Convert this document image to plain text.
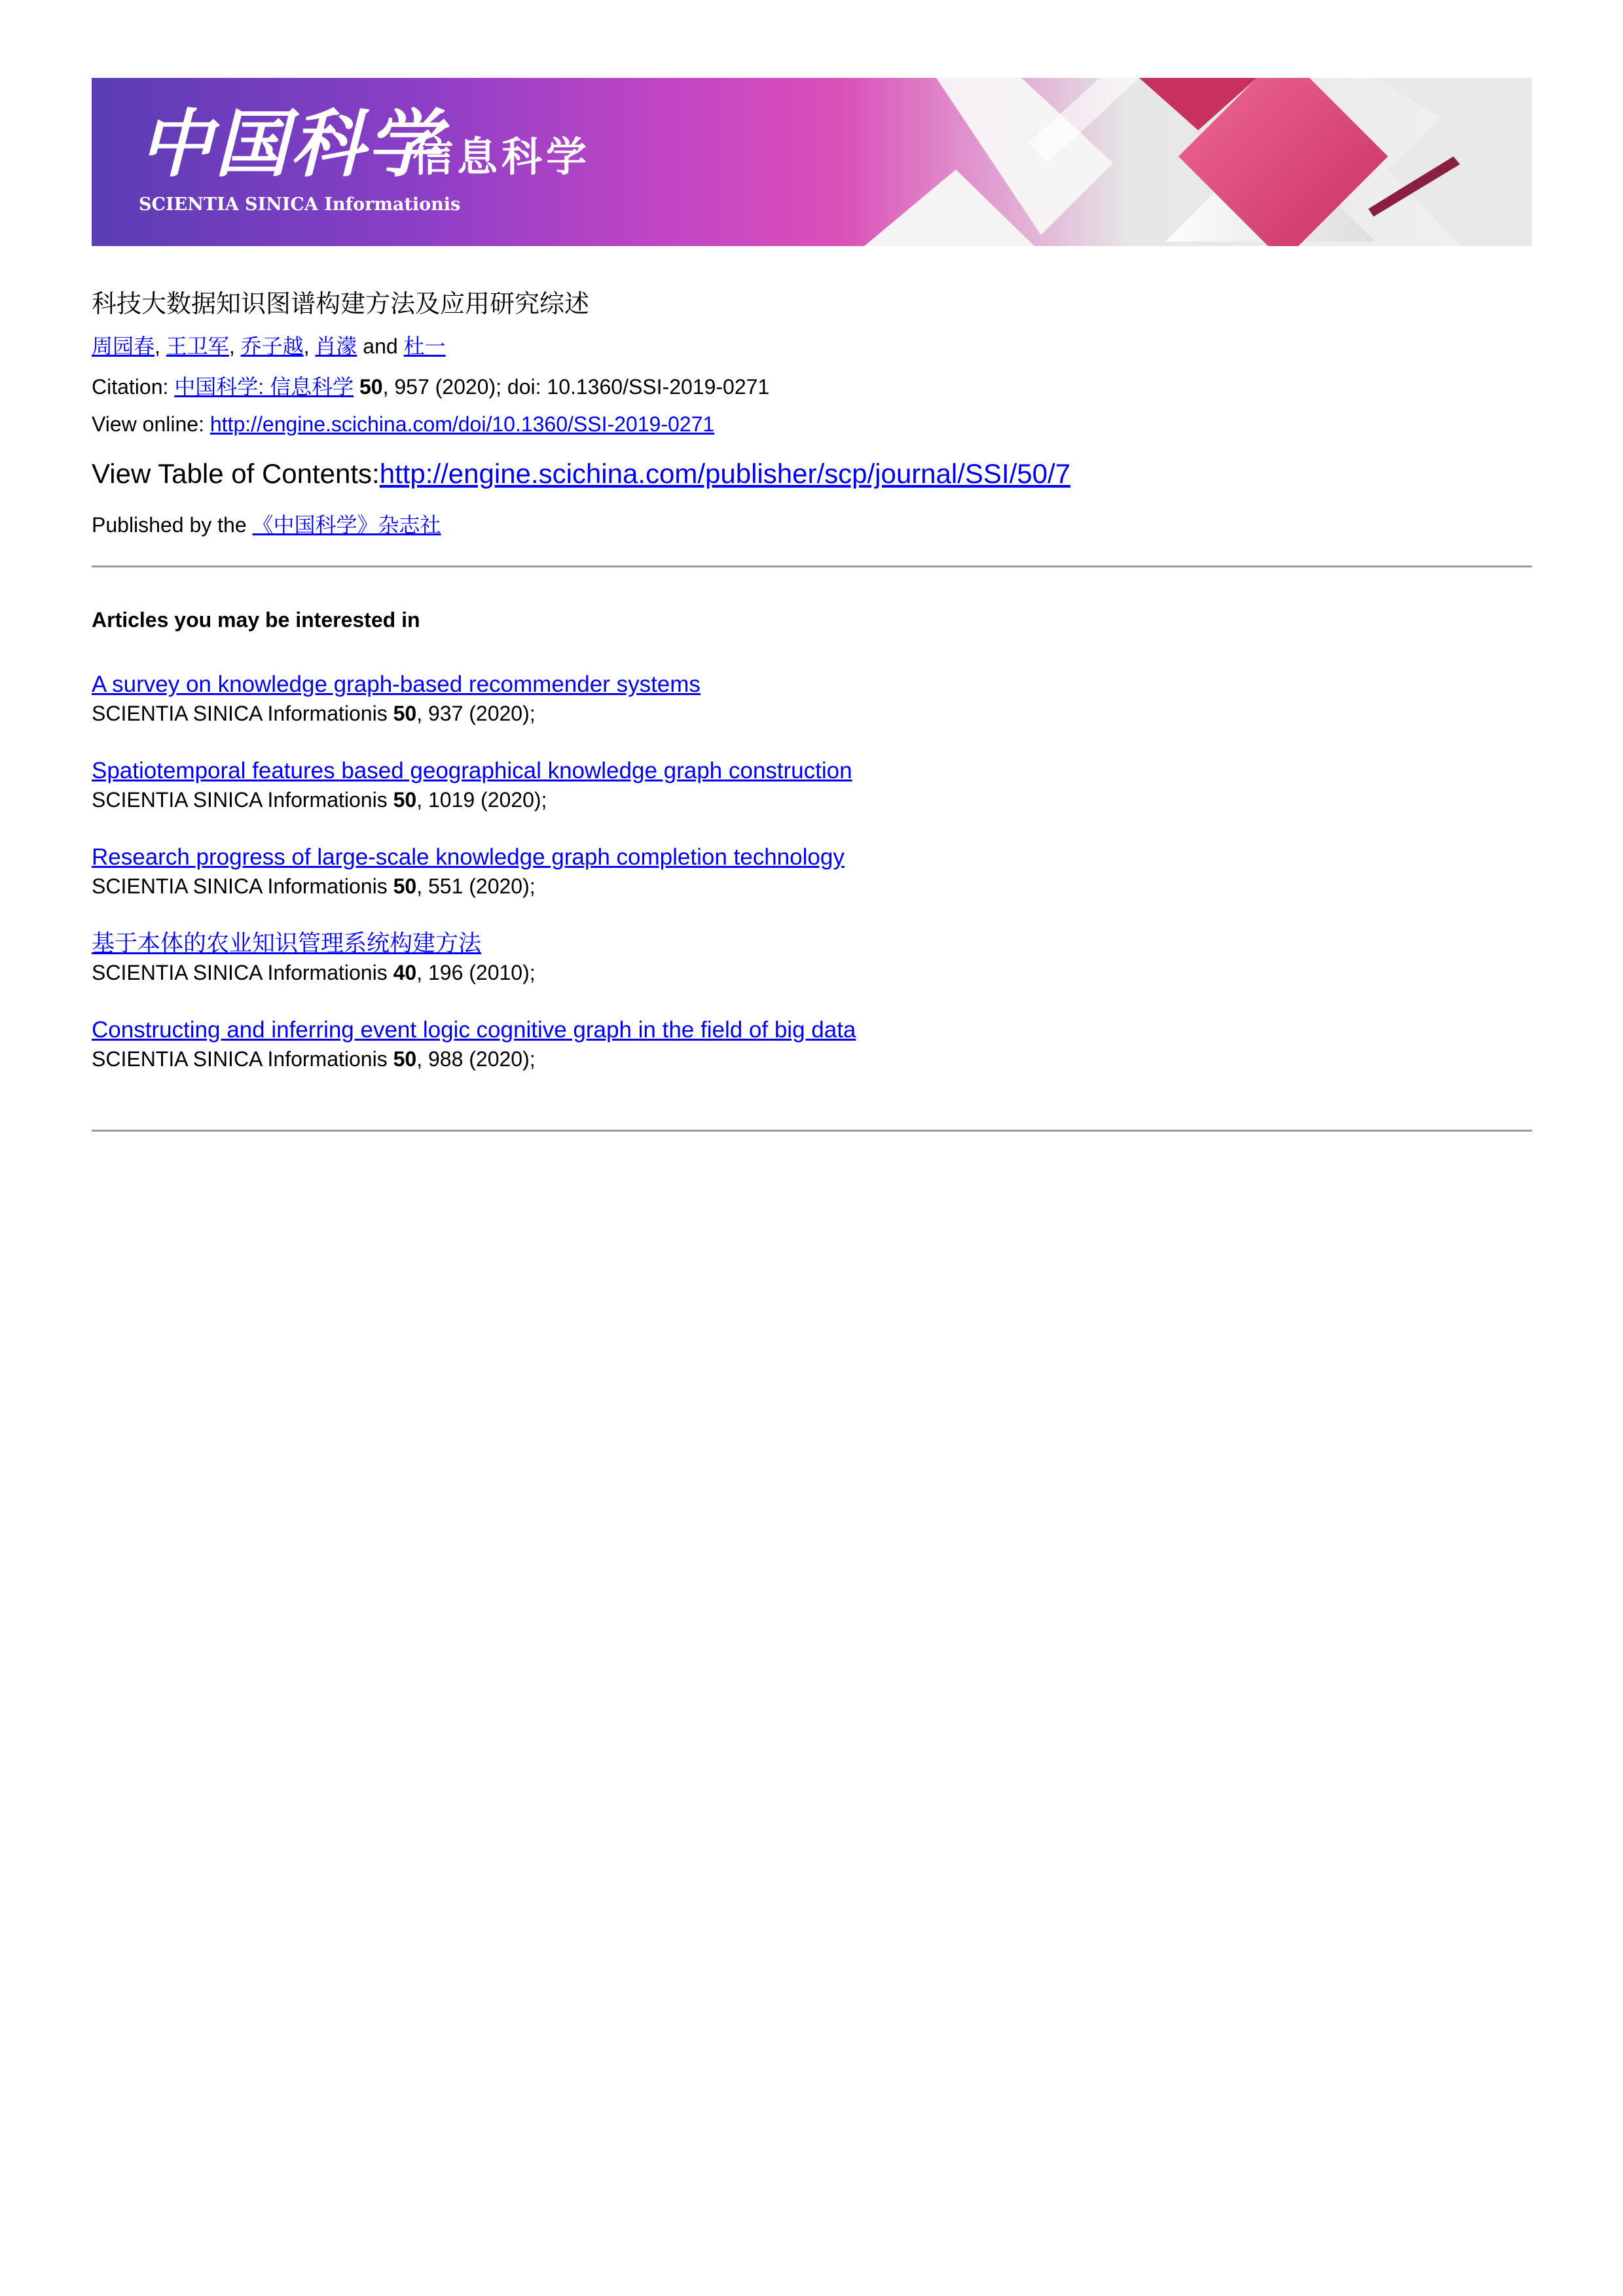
中国科学
信息科学
SCIENTIA SINICA Informationis
科技大数据知识图谱构建方法及应用研究综述
周园春, 王卫军, 乔子越, 肖濛 and 杜一
Citation: 中国科学: 信息科学 50, 957 (2020); doi: 10.1360/SSI-2019-0271
View online: http://engine.scichina.com/doi/10.1360/SSI-2019-0271
View Table of Contents:http://engine.scichina.com/publisher/scp/journal/SSI/50/7
Published by the 《中国科学》杂志社
Articles you may be interested in
A survey on knowledge graph-based recommender systems
SCIENTIA SINICA Informationis 50, 937 (2020);
Spatiotemporal features based geographical knowledge graph construction
SCIENTIA SINICA Informationis 50, 1019 (2020);
Research progress of large-scale knowledge graph completion technology
SCIENTIA SINICA Informationis 50, 551 (2020);
基于本体的农业知识管理系统构建方法
SCIENTIA SINICA Informationis 40, 196 (2010);
Constructing and inferring event logic cognitive graph in the field of big data
SCIENTIA SINICA Informationis 50, 988 (2020);
